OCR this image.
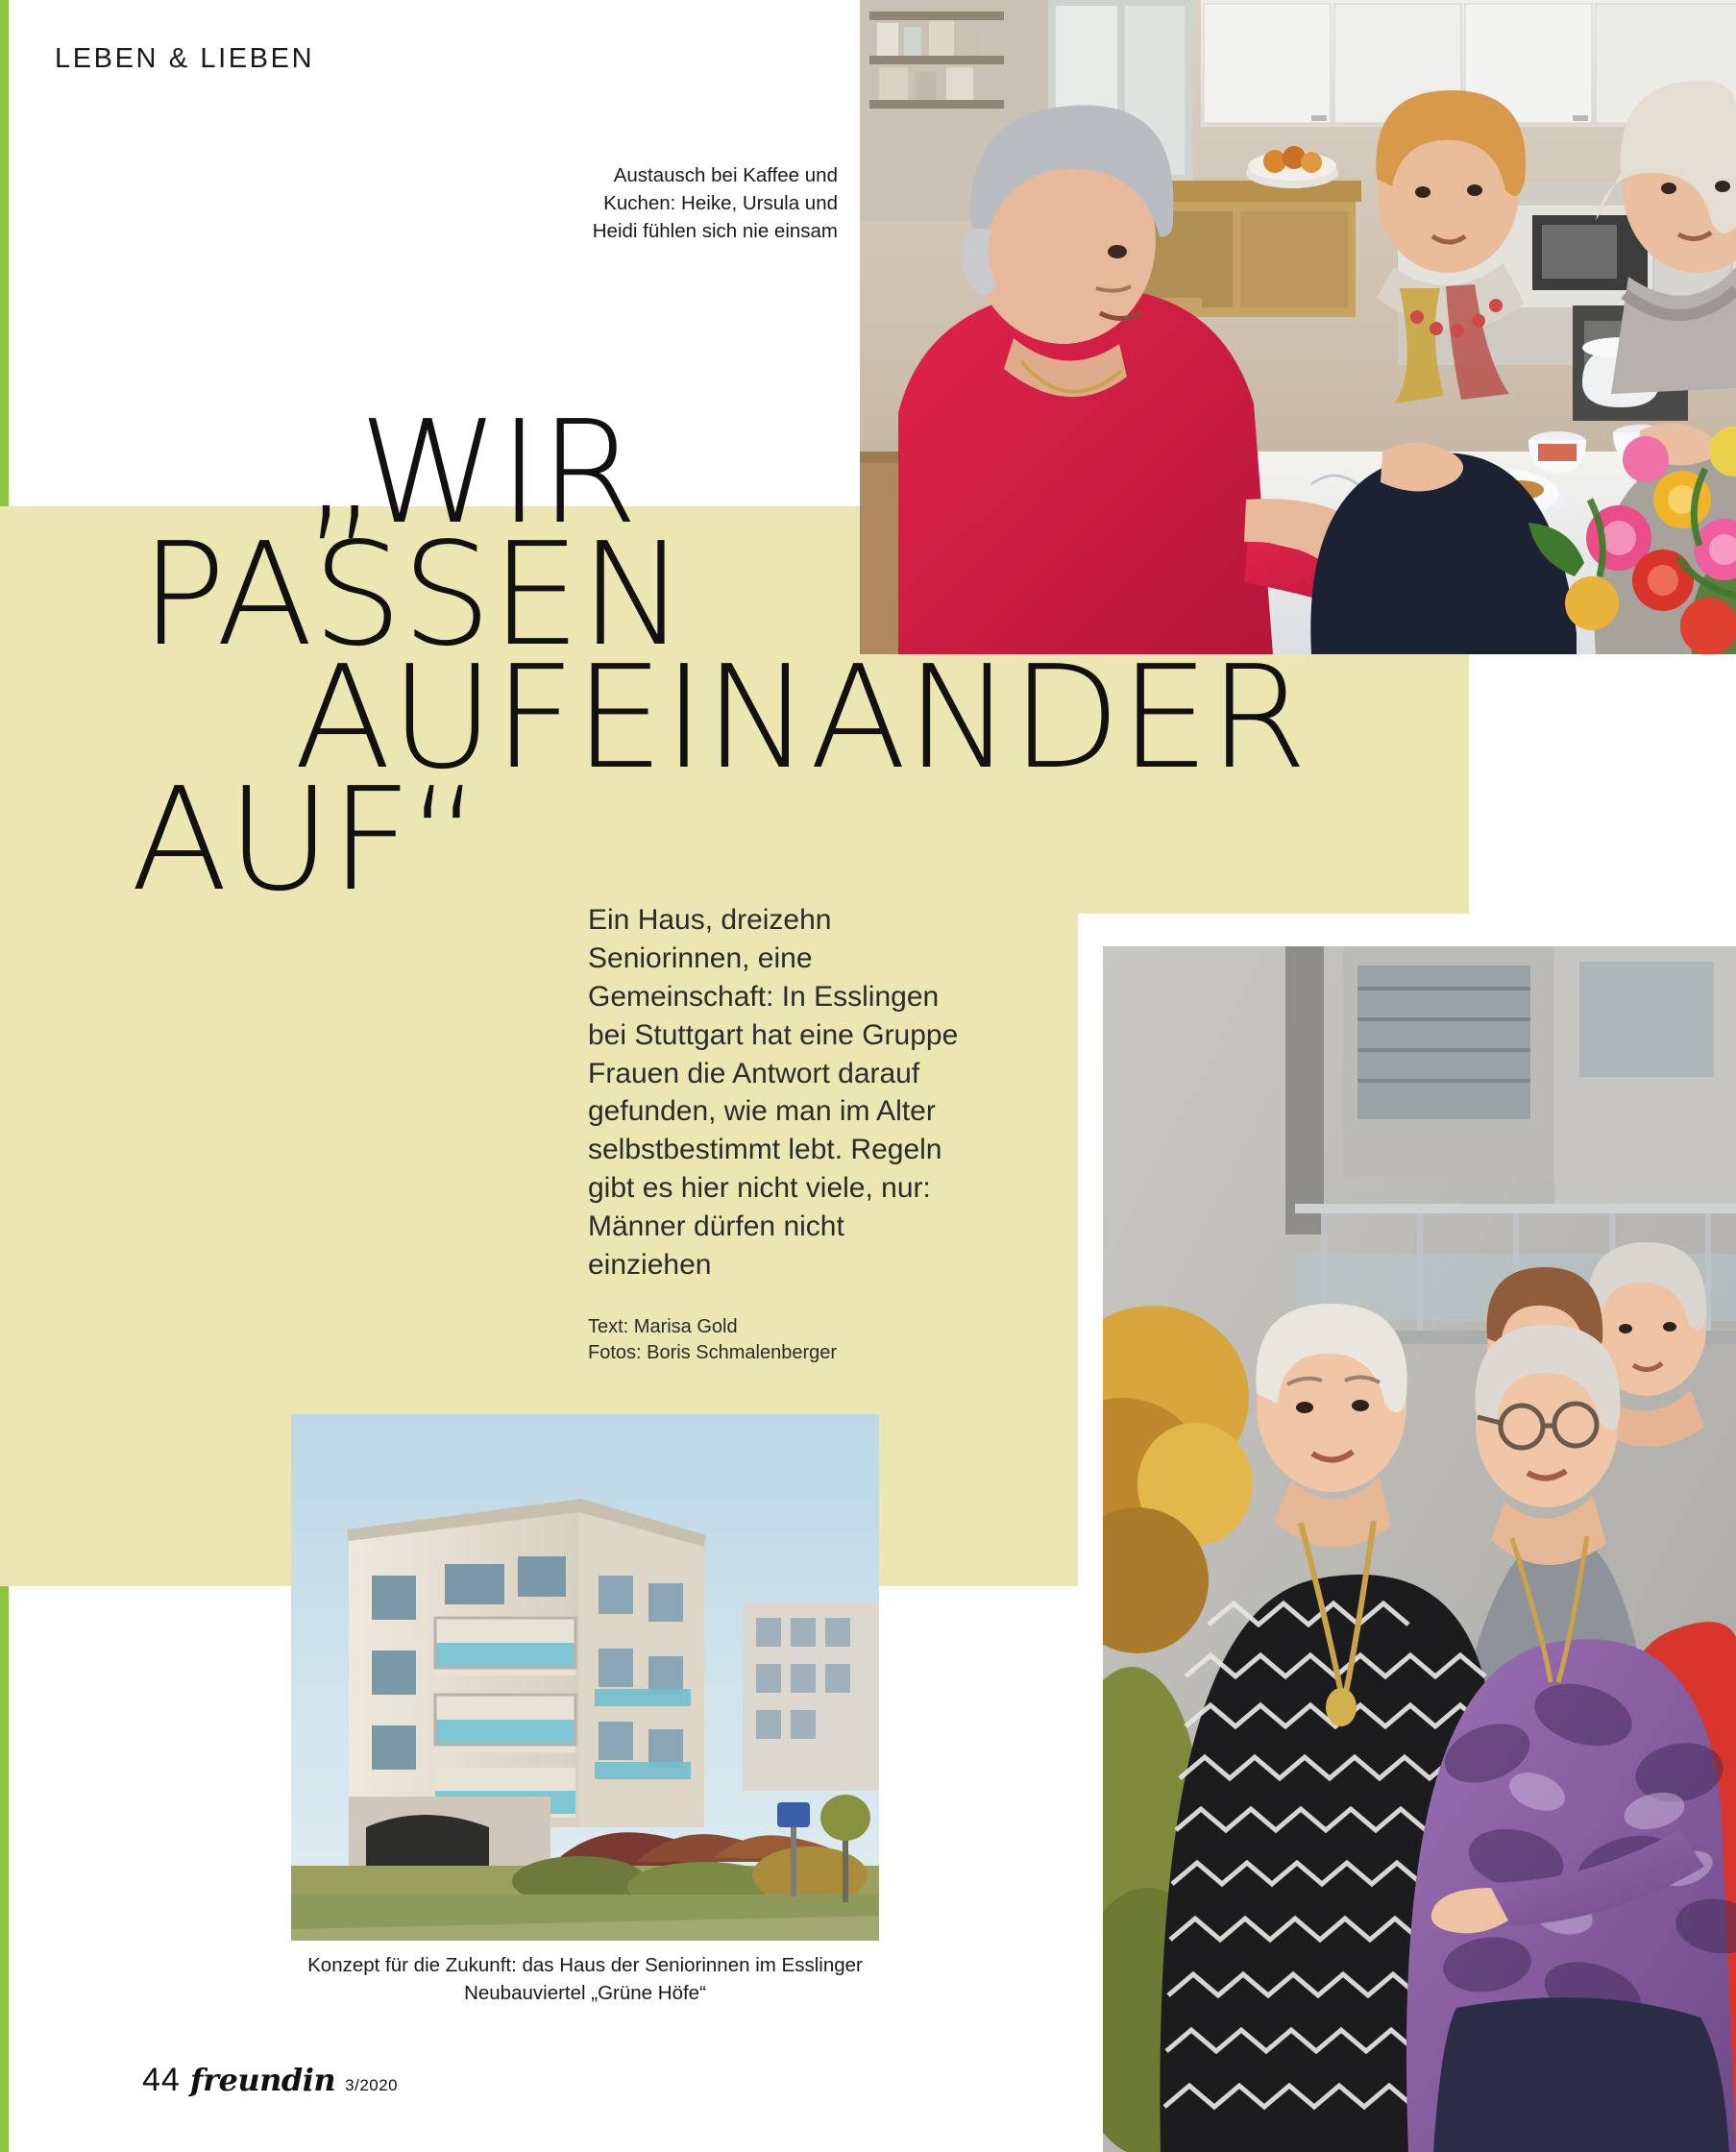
LEBEN & LIEBEN
Austausch bei Kaffee und Kuchen: Heike, Ursula und Heidi fühlen sich nie einsam
„WIR
PASSEN
AUFEINANDER
AUF“	Ein Haus, dreizehn Seniorinnen, eine Gemeinschaft: In Esslingen bei Stuttgart hat eine Gruppe Frauen die Antwort darauf gefunden, wie man im Alter selbstbestimmt lebt. Regeln gibt es hier nicht viele, nur: Männer dürfen nicht einziehen
Text: Marisa Gold
Fotos: Boris Schmalenberger
Konzept für die Zukunft: das Haus der Seniorinnen im Esslinger Neubauviertel „Grüne Höfe“
44 freundin 3/2020
